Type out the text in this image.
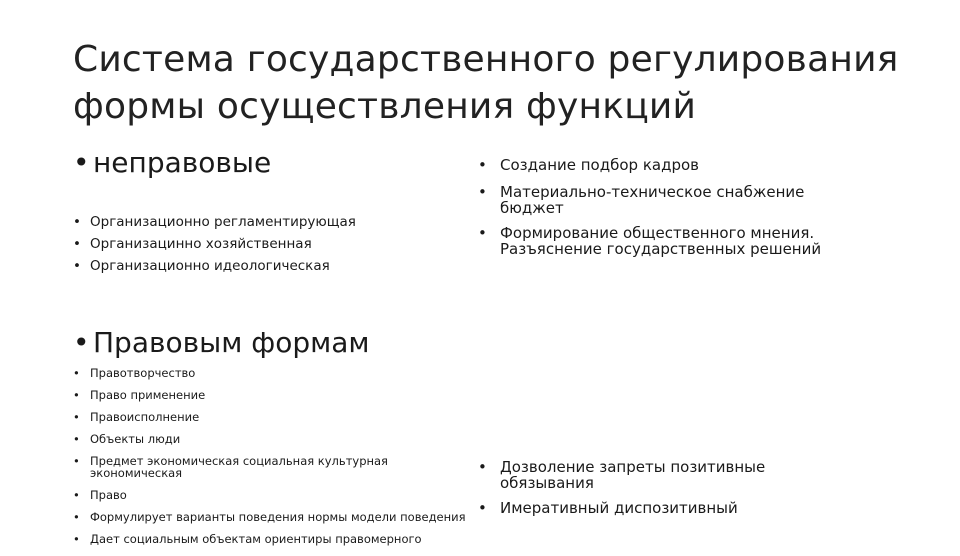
Система государственного регулирования
формы осуществления функций
• неправовые
• Организационно регламентирующая
• Организацинно хозяйственная
• Организационно идеологическая
• Создание подбор кадров
• Материально-техническое снабжение бюджет
• Формирование общественного мнения. Разъяснение государственных решений
• Правовым формам
• Правотворчество
• Право применение
• Правоисполнение
• Объекты люди
• Предмет экономическая социальная культурная экономическая
• Право
• Формулирует варианты поведения нормы модели поведения
• Дает социальным объектам ориентиры правомерного
• Дозволение запреты позитивные обязывания
• Имеративный диспозитивный
